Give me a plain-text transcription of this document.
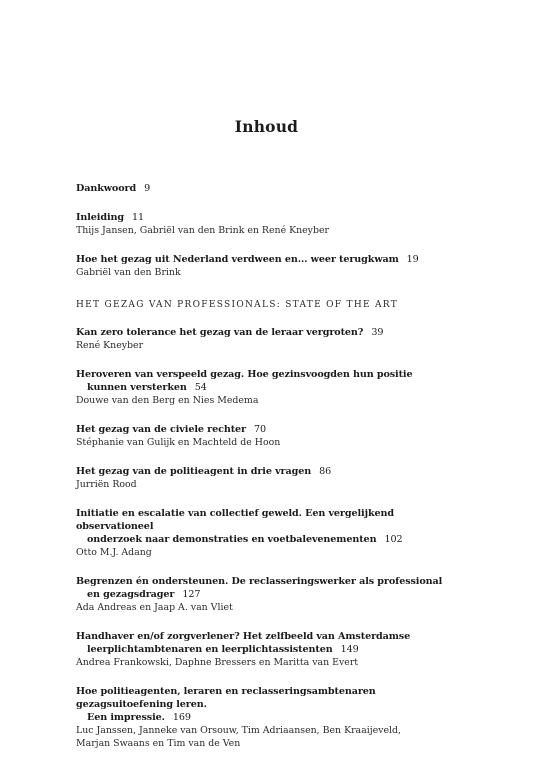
Inhoud
Dankwoord 9
Inleiding 11
Thijs Jansen, Gabriël van den Brink en René Kneyber
Hoe het gezag uit Nederland verdween en... weer terugkwam 19
Gabriël van den Brink
HET GEZAG VAN PROFESSIONALS: STATE OF THE ART
Kan zero tolerance het gezag van de leraar vergroten? 39
René Kneyber
Heroveren van verspeeld gezag. Hoe gezinsvoogden hun positie
kunnen versterken 54
Douwe van den Berg en Nies Medema
Het gezag van de civiele rechter 70
Stéphanie van Gulijk en Machteld de Hoon
Het gezag van de politieagent in drie vragen 86
Jurriën Rood
Initiatie en escalatie van collectief geweld. Een vergelijkend observationeel
onderzoek naar demonstraties en voetbalevenementen 102
Otto M.J. Adang
Begrenzen én ondersteunen. De reclasseringswerker als professional
en gezagsdrager 127
Ada Andreas en Jaap A. van Vliet
Handhaver en/of zorgverlener? Het zelfbeeld van Amsterdamse
leerplichtambtenaren en leerplichtassistenten 149
Andrea Frankowski, Daphne Bressers en Maritta van Evert
Hoe politieagenten, leraren en reclasseringsambtenaren gezagsuitoefening leren.
Een impressie. 169
Luc Janssen, Janneke van Orsouw, Tim Adriaansen, Ben Kraaijeveld,
Marjan Swaans en Tim van de Ven
